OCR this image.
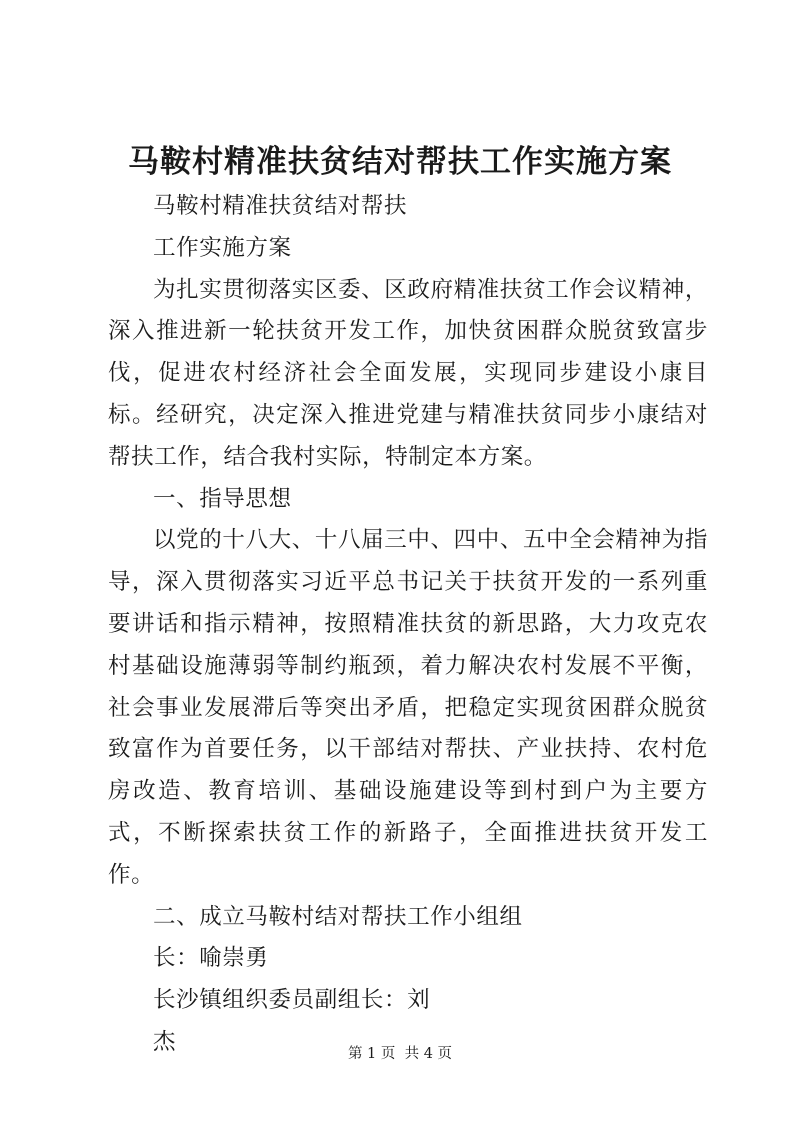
马鞍村精准扶贫结对帮扶工作实施方案

马鞍村精准扶贫结对帮扶

工作实施方案

为扎实贯彻落实区委、区政府精准扶贫工作会议精神，深入推进新一轮扶贫开发工作，加快贫困群众脱贫致富步伐，促进农村经济社会全面发展，实现同步建设小康目标。经研究，决定深入推进党建与精准扶贫同步小康结对帮扶工作，结合我村实际，特制定本方案。

一、指导思想

以党的十八大、十八届三中、四中、五中全会精神为指导，深入贯彻落实习近平总书记关于扶贫开发的一系列重要讲话和指示精神，按照精准扶贫的新思路，大力攻克农村基础设施薄弱等制约瓶颈，着力解决农村发展不平衡，社会事业发展滞后等突出矛盾，把稳定实现贫困群众脱贫致富作为首要任务，以干部结对帮扶、产业扶持、农村危房改造、教育培训、基础设施建设等到村到户为主要方式，不断探索扶贫工作的新路子，全面推进扶贫开发工作。

二、成立马鞍村结对帮扶工作小组组

长：喻崇勇

长沙镇组织委员副组长：刘

杰	第 1 页  共 4 页
